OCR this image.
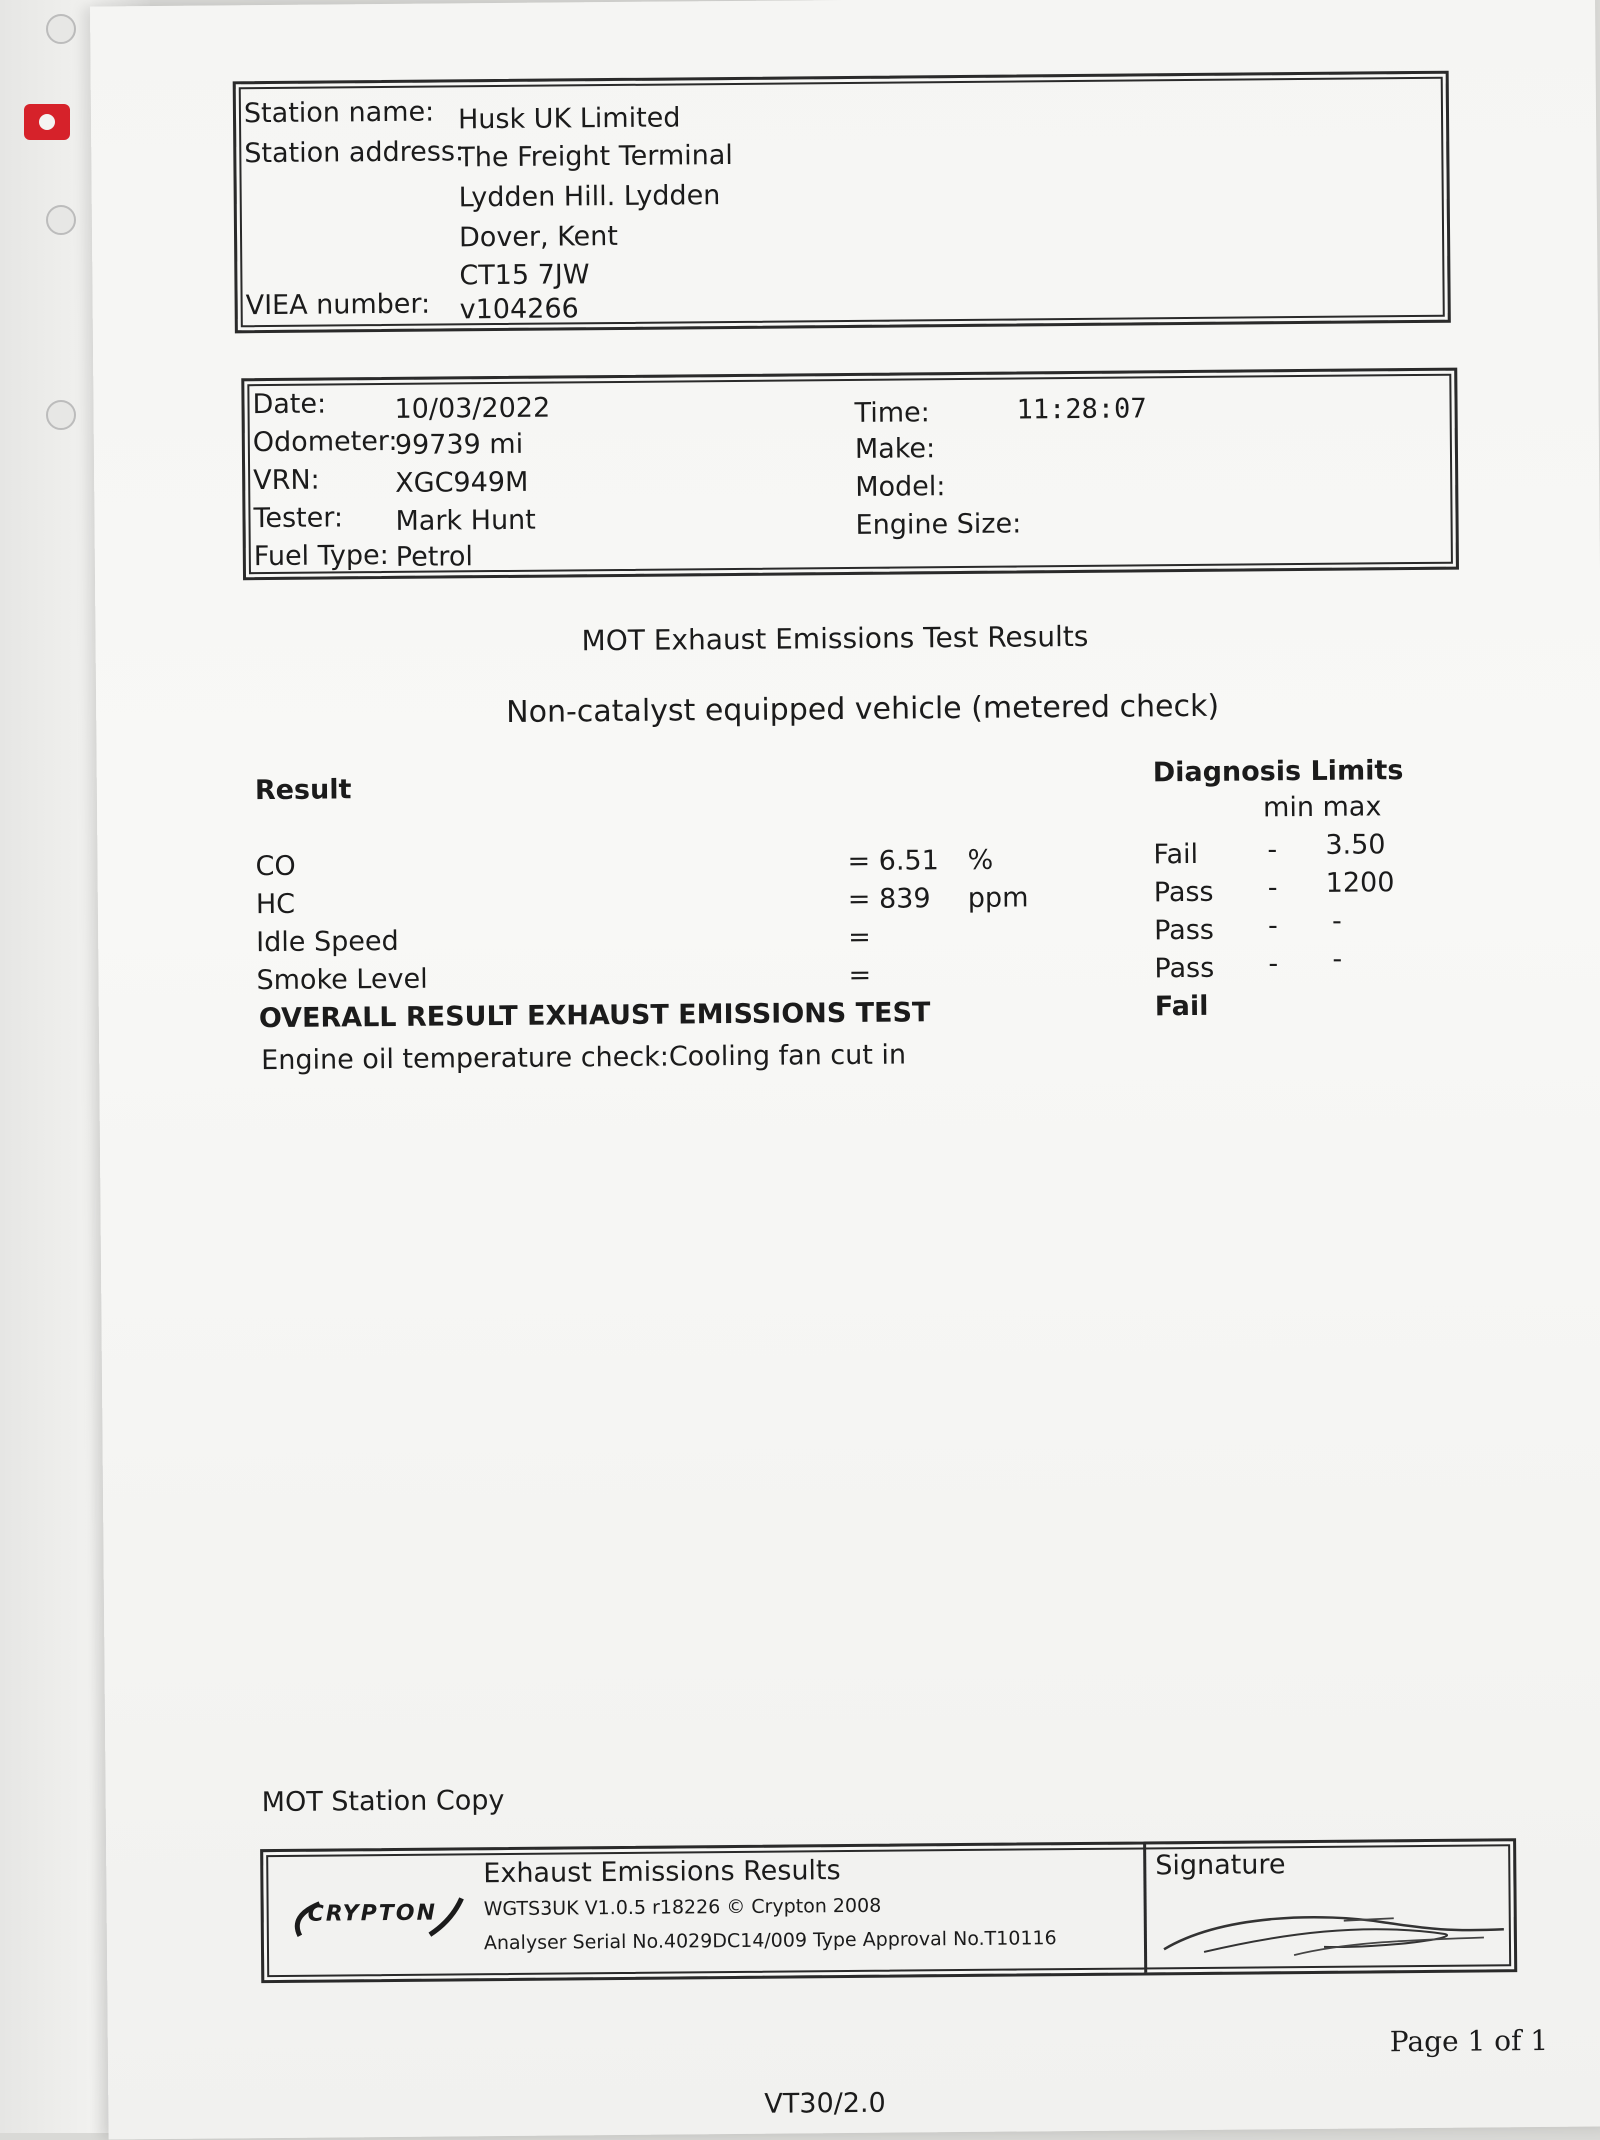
Station name: Husk UK Limited
Station address:
The Freight Terminal
Lydden Hill. Lydden
Dover, Kent
CT15 7JW
VIEA number: v104266
Date:	10/03/2022
Odometer:
99739 mi
VRN:	XGC949M
Tester: Mark Hunt
Fuel Type: Petrol
Time:	11:28:07
Make:
Model:
Engine Size:
MOT Exhaust Emissions Test Results
Non-catalyst equipped vehicle (metered check)
Result
Diagnosis Limits
min max
CO	= 6.51 %	Fail	- 3.50
HC	= 839 ppm	Pass - 1200
Idle Speed	=	Pass - -
Smoke Level	=	Pass - -
OVERALL RESULT EXHAUST EMISSIONS TEST	Fail
Engine oil temperature check:Cooling fan cut in
MOT Station Copy
CRYPTON
Exhaust Emissions Results
WGTS3UK V1.0.5 r18226 © Crypton 2008
Analyser Serial No.4029DC14/009 Type Approval No.T10116
Signature
Page 1 of 1
VT30/2.0
